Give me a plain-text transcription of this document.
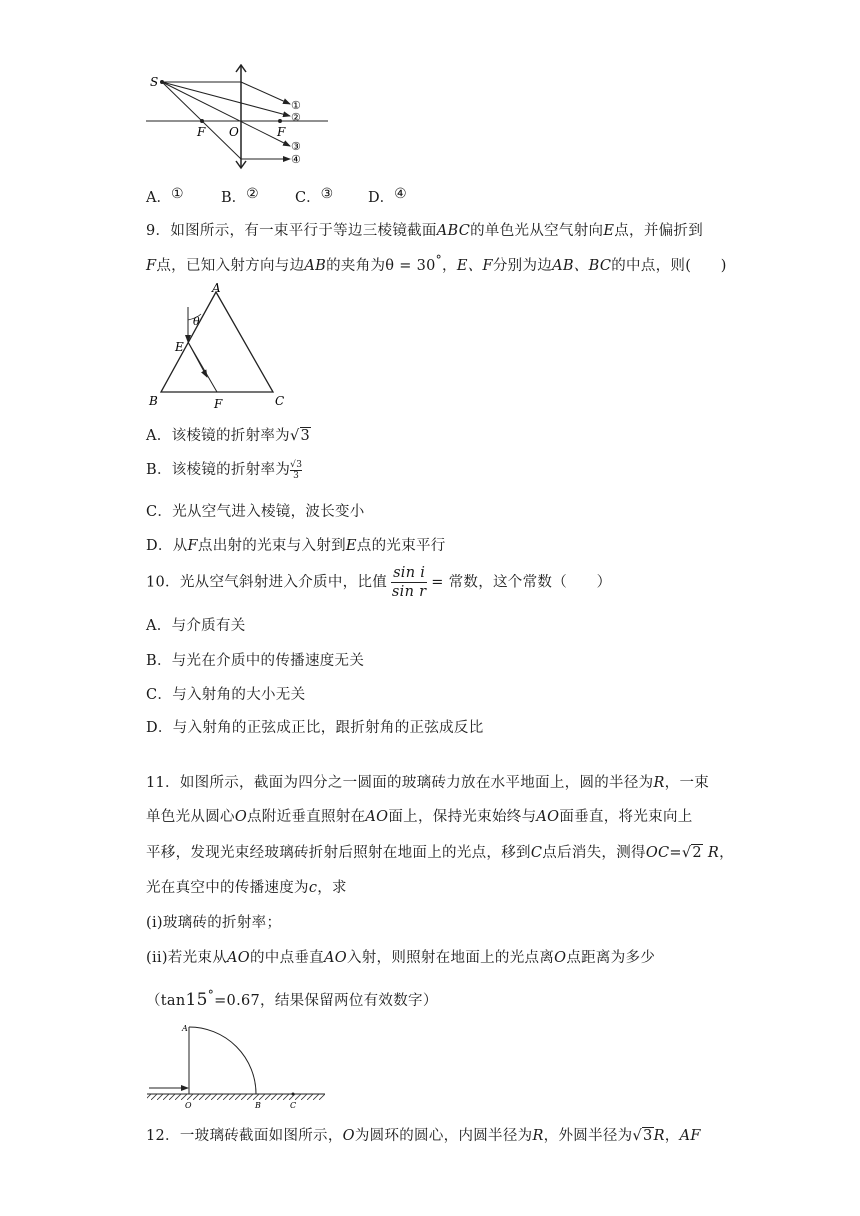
S
F O	F
①
②
③
④
A．①	B．②	C．③ D．④
9．如图所示，有一束平行于等边三棱镜截面ABC的单色光从空气射向E点，并偏折到
F点，已知入射方向与边AB的夹角为θ = 30°，E、F分别为边AB、BC的中点，则(　　)
A
B	C
E
F
θ
A．该棱镜的折射率为√3
B．该棱镜的折射率为 $\frac{√3}{3}$
C．光从空气进入棱镜，波长变小
D．从F点出射的光束与入射到E点的光束平行
10．光从空气斜射进入介质中，比值 $\frac{\text{sin i}}{\text{sin r}}$ = 常数，这个常数（　　）
A．与介质有关
B．与光在介质中的传播速度无关
C．与入射角的大小无关
D．与入射角的正弦成正比，跟折射角的正弦成反比
11．如图所示，截面为四分之一圆面的玻璃砖力放在水平地面上，圆的半径为R，一束
单色光从圆心O点附近垂直照射在AO面上，保持光束始终与AO面垂直，将光束向上
平移，发现光束经玻璃砖折射后照射在地面上的光点，移到C点后消失，测得OC=√2 R，
光在真空中的传播速度为c，求
(i)玻璃砖的折射率；
(ii)若光束从AO的中点垂直AO入射，则照射在地面上的光点离O点距离为多少
（tan15°=0.67，结果保留两位有效数字）
A
O	B	C
12．一玻璃砖截面如图所示，O为圆环的圆心，内圆半径为R，外圆半径为√3R，AF
